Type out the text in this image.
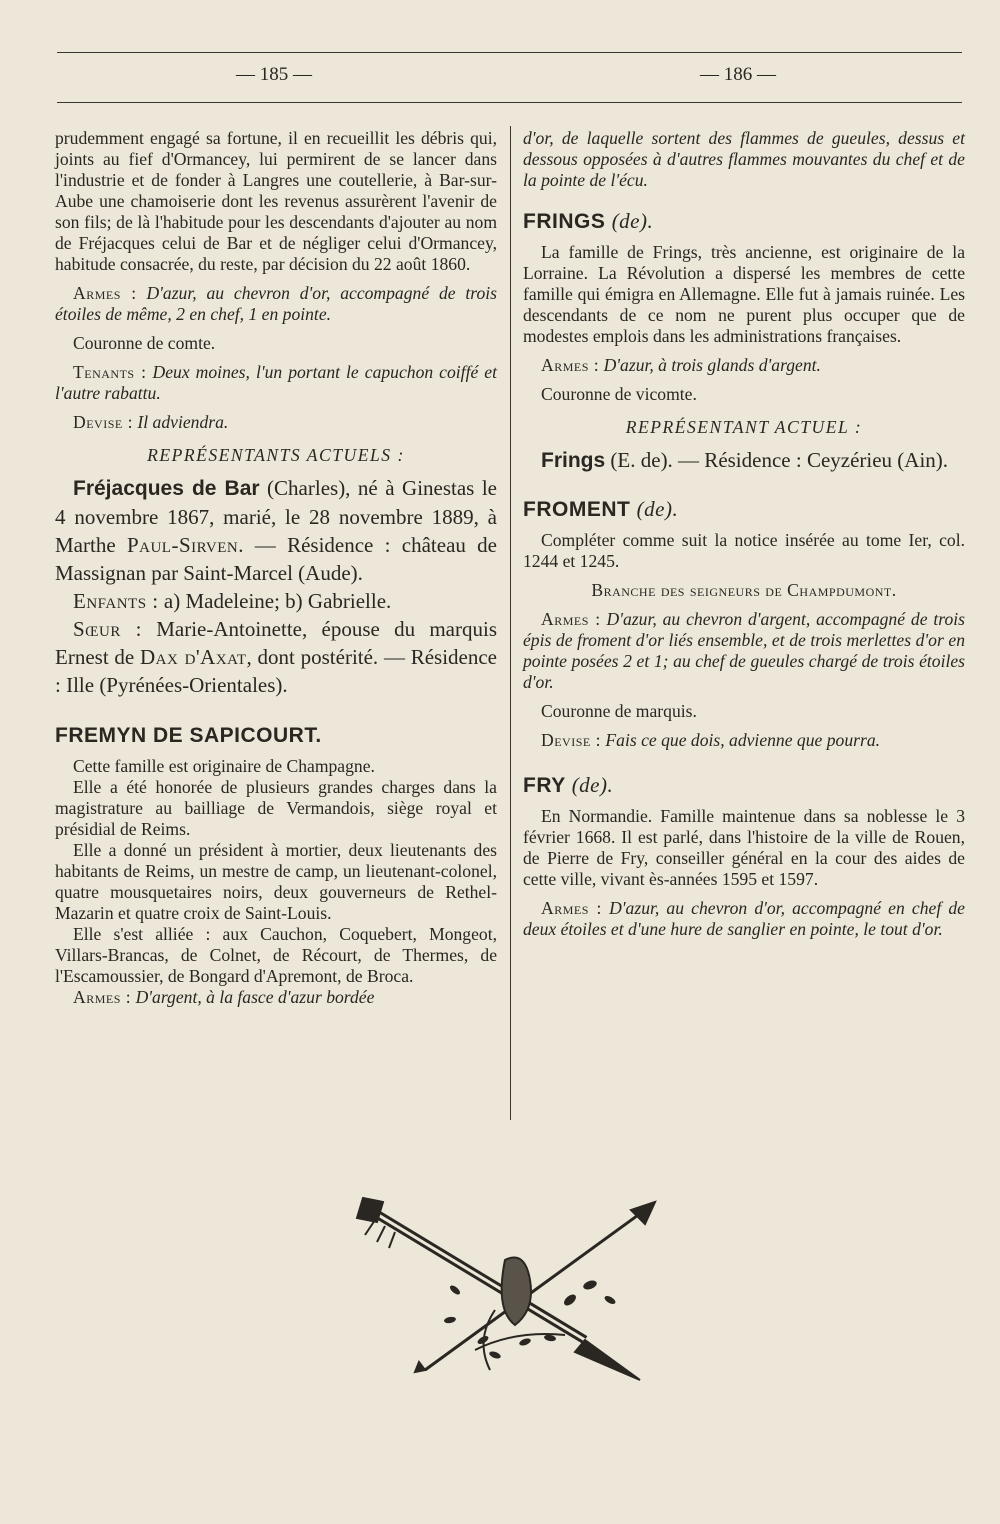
— 185 —	— 186 —

prudemment engagé sa fortune, il en recueillit les débris qui, joints au fief d'Ormancey, lui permirent de se lancer dans l'industrie et de fonder à Langres une coutellerie, à Bar-sur-Aube une chamoiserie dont les revenus assurèrent l'avenir de son fils; de là l'habitude pour les descendants d'ajouter au nom de Fréjacques celui de Bar et de négliger celui d'Ormancey, habitude consacrée, du reste, par décision du 22 août 1860.

Armes : D'azur, au chevron d'or, accompagné de trois étoiles de même, 2 en chef, 1 en pointe.

Couronne de comte.

Tenants : Deux moines, l'un portant le capuchon coiffé et l'autre rabattu.

Devise : Il adviendra.

REPRÉSENTANTS ACTUELS :

Fréjacques de Bar (Charles), né à Ginestas le 4 novembre 1867, marié, le 28 novembre 1889, à Marthe Paul-Sirven. — Résidence : château de Massignan par Saint-Marcel (Aude).

Enfants : a) Madeleine; b) Gabrielle.

Sœur : Marie-Antoinette, épouse du marquis Ernest de Dax d'Axat, dont postérité. — Résidence : Ille (Pyrénées-Orientales).

FREMYN DE SAPICOURT.

Cette famille est originaire de Champagne.

Elle a été honorée de plusieurs grandes charges dans la magistrature au bailliage de Vermandois, siège royal et présidial de Reims.

Elle a donné un président à mortier, deux lieutenants des habitants de Reims, un mestre de camp, un lieutenant-colonel, quatre mousquetaires noirs, deux gouverneurs de Rethel-Mazarin et quatre croix de Saint-Louis.

Elle s'est alliée : aux Cauchon, Coquebert, Mongeot, Villars-Brancas, de Colnet, de Récourt, de Thermes, de l'Escamoussier, de Bongard d'Apremont, de Broca.

Armes : D'argent, à la fasce d'azur bordée

d'or, de laquelle sortent des flammes de gueules, dessus et dessous opposées à d'autres flammes mouvantes du chef et de la pointe de l'écu.

FRINGS (de).

La famille de Frings, très ancienne, est originaire de la Lorraine. La Révolution a dispersé les membres de cette famille qui émigra en Allemagne. Elle fut à jamais ruinée. Les descendants de ce nom ne purent plus occuper que de modestes emplois dans les administrations françaises.

Armes : D'azur, à trois glands d'argent.

Couronne de vicomte.

REPRÉSENTANT ACTUEL :

Frings (E. de). — Résidence : Ceyzérieu (Ain).

FROMENT (de).

Compléter comme suit la notice insérée au tome Ier, col. 1244 et 1245.

Branche des seigneurs de Champdumont.

Armes : D'azur, au chevron d'argent, accompagné de trois épis de froment d'or liés ensemble, et de trois merlettes d'or en pointe posées 2 et 1; au chef de gueules chargé de trois étoiles d'or.

Couronne de marquis.

Devise : Fais ce que dois, advienne que pourra.

FRY (de).

En Normandie. Famille maintenue dans sa noblesse le 3 février 1668. Il est parlé, dans l'histoire de la ville de Rouen, de Pierre de Fry, conseiller général en la cour des aides de cette ville, vivant ès-années 1595 et 1597.

Armes : D'azur, au chevron d'or, accompagné en chef de deux étoiles et d'une hure de sanglier en pointe, le tout d'or.
